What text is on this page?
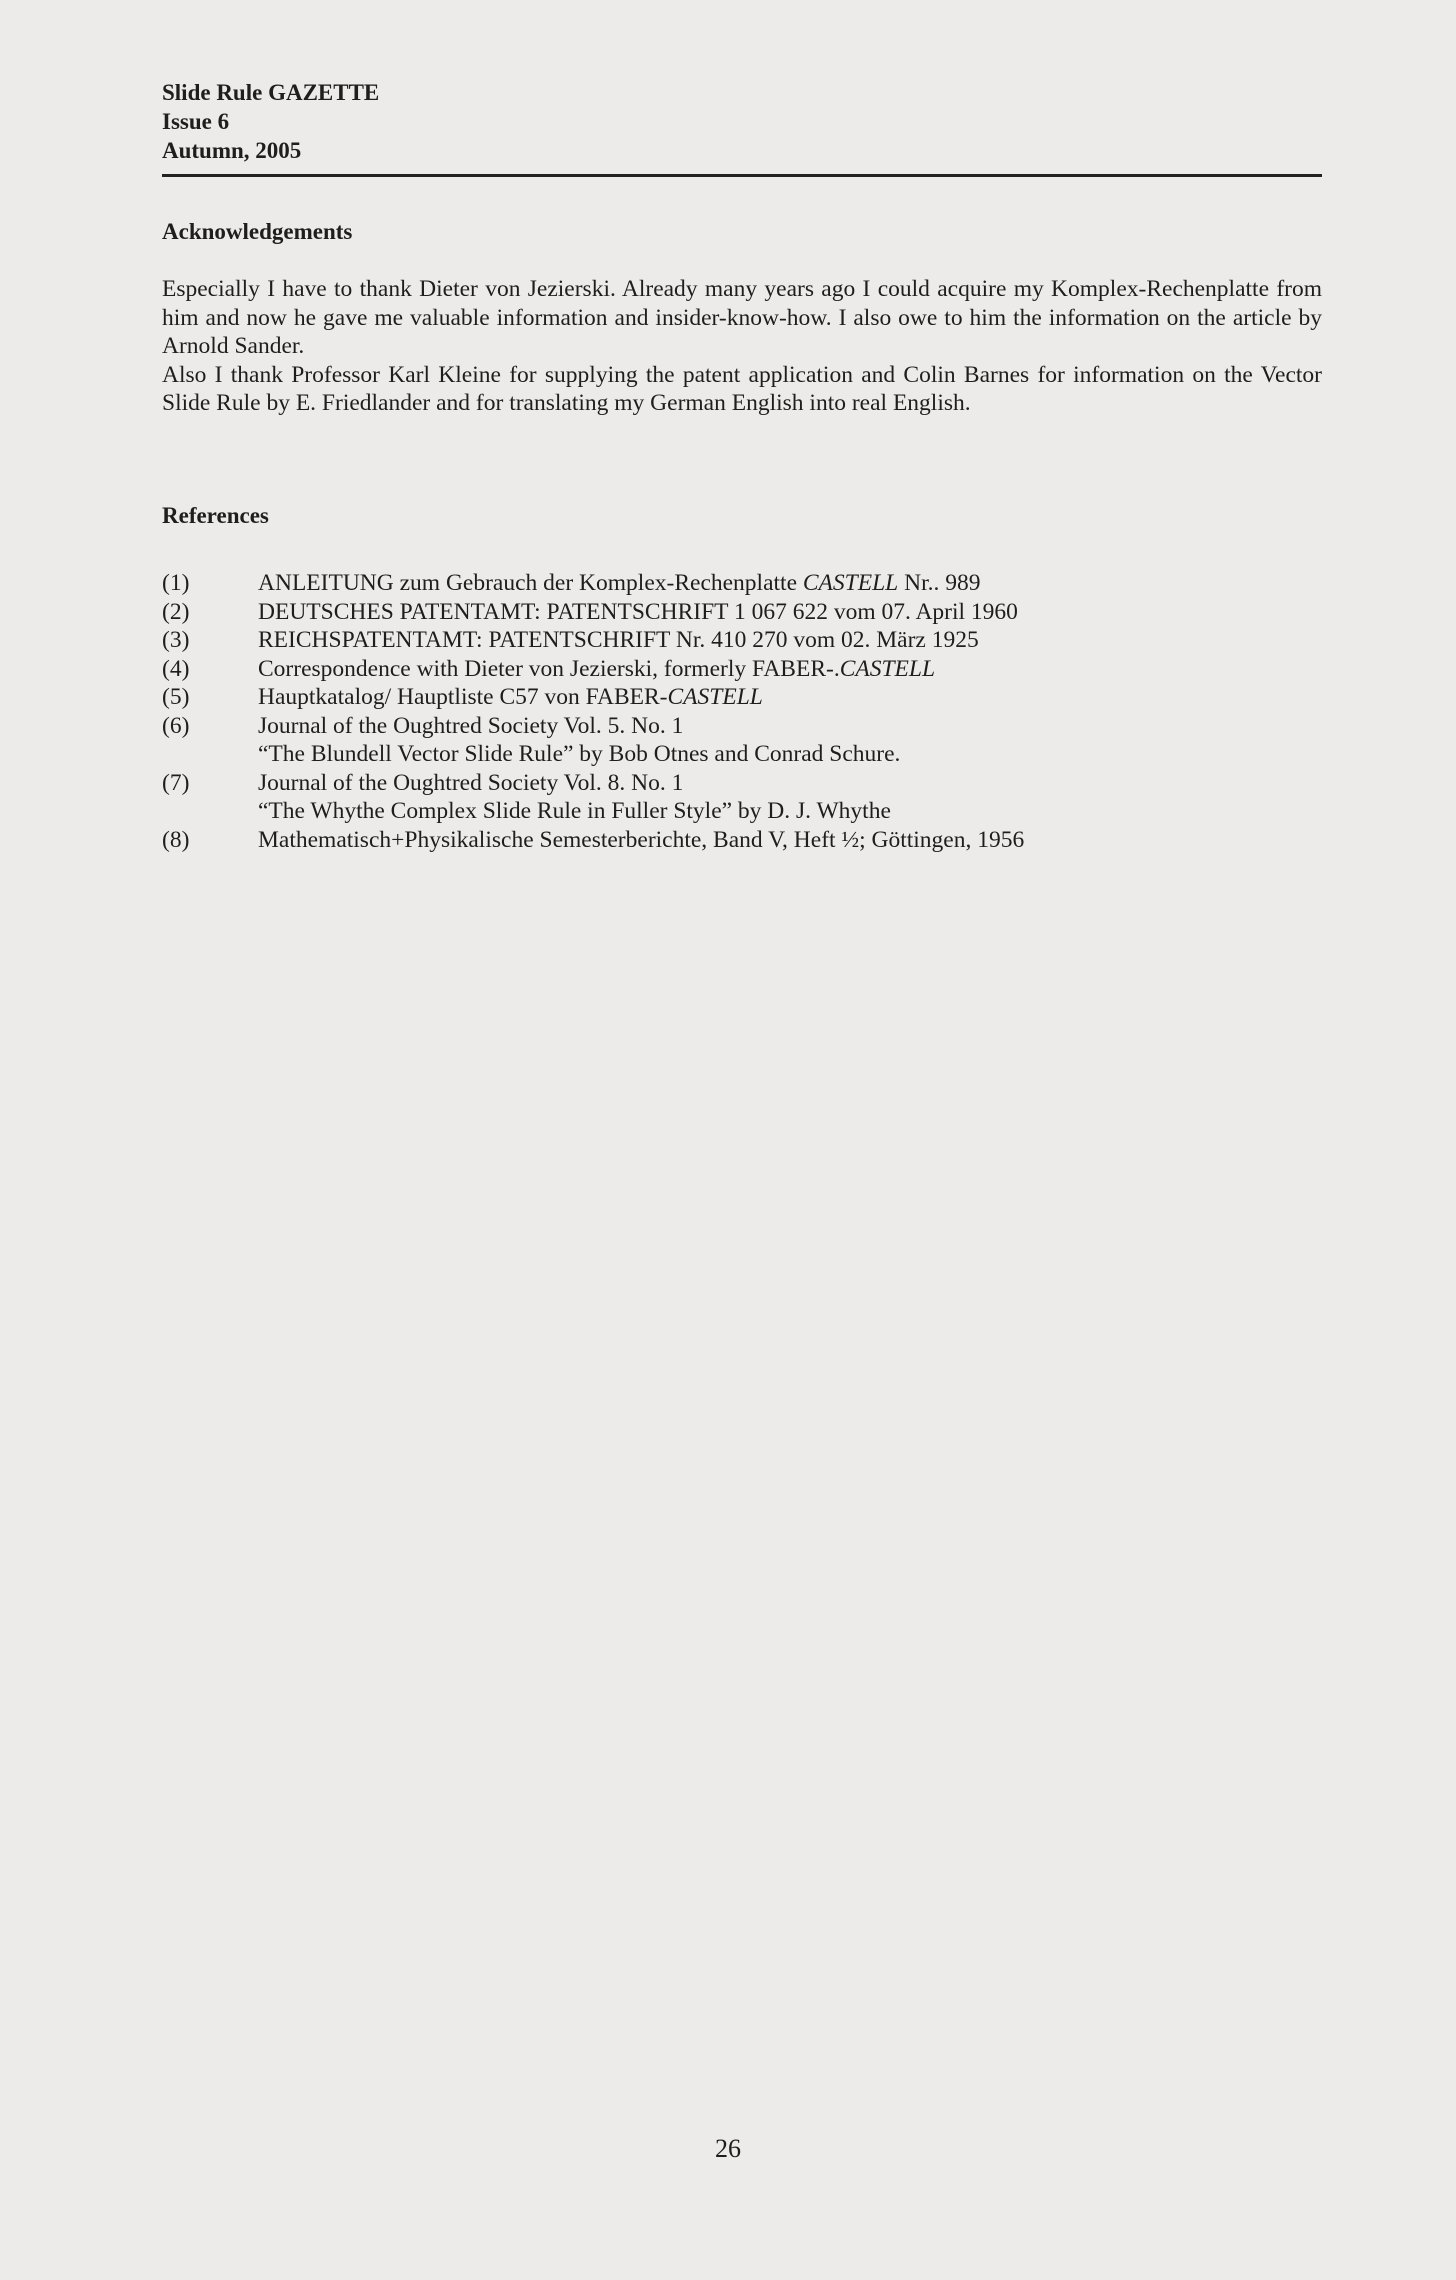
Slide Rule GAZETTE
Issue 6
Autumn, 2005
Acknowledgements

Especially I have to thank Dieter von Jezierski. Already many years ago I could acquire my Komplex-Rechenplatte from him and now he gave me valuable information and insider-know-how. I also owe to him the information on the article by Arnold Sander.

Also I thank Professor Karl Kleine for supplying the patent application and Colin Barnes for information on the Vector Slide Rule by E. Friedlander and for translating my German English into real English.

References
(1)	ANLEITUNG zum Gebrauch der Komplex-Rechenplatte CASTELL Nr.. 989
(2)	DEUTSCHES PATENTAMT: PATENTSCHRIFT 1 067 622 vom 07. April 1960
(3)	REICHSPATENTAMT: PATENTSCHRIFT Nr. 410 270 vom 02. März 1925
(4)	Correspondence with Dieter von Jezierski, formerly FABER-.CASTELL
(5)	Hauptkatalog/ Hauptliste C57 von FABER-CASTELL
(6)	Journal of the Oughtred Society Vol. 5. No. 1
“The Blundell Vector Slide Rule” by Bob Otnes and Conrad Schure.
(7)	Journal of the Oughtred Society Vol. 8. No. 1
“The Whythe Complex Slide Rule in Fuller Style” by D. J. Whythe
(8)	Mathematisch+Physikalische Semesterberichte, Band V, Heft ½; Göttingen, 1956
26
